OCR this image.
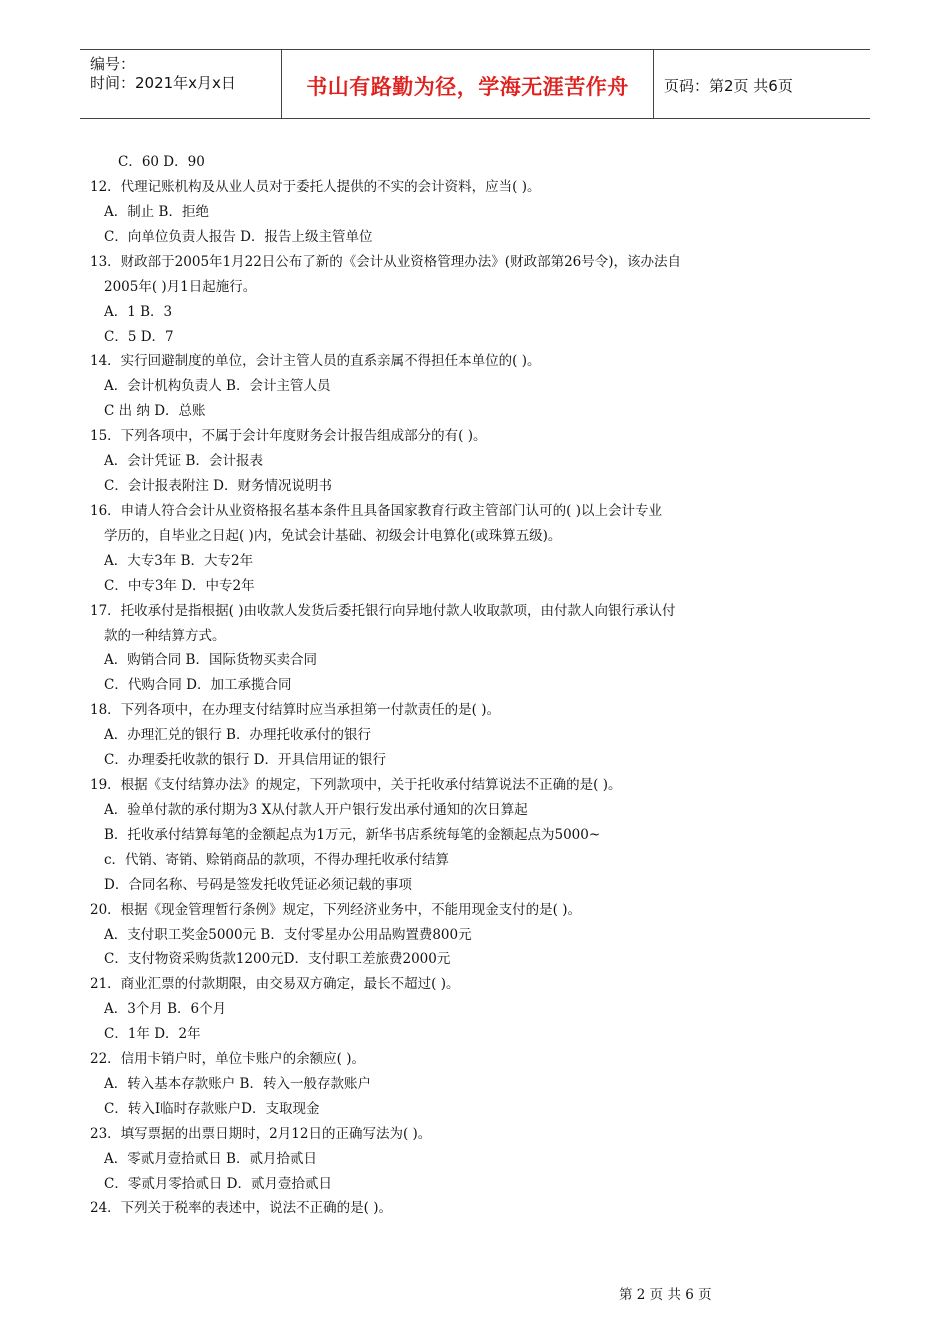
编号：
时间：2021年x月x日	书山有路勤为径，学海无涯苦作舟	页码：第2页 共6页
C．60 D．90
12．代理记账机构及从业人员对于委托人提供的不实的会计资料，应当( )。
A．制止 B．拒绝
C．向单位负责人报告 D．报告上级主管单位
13．财政部于2005年1月22日公布了新的《会计从业资格管理办法》(财政部第26号令)，该办法自
2005年( )月1日起施行。
A．1 B．3
C．5 D．7
14．实行回避制度的单位，会计主管人员的直系亲属不得担任本单位的( )。
A．会计机构负责人 B．会计主管人员
C 出 纳 D．总账
15．下列各项中，不属于会计年度财务会计报告组成部分的有( )。
A．会计凭证 B．会计报表
C．会计报表附注 D．财务情况说明书
16．申请人符合会计从业资格报名基本条件且具备国家教育行政主管部门认可的( )以上会计专业
学历的，自毕业之日起( )内，免试会计基础、初级会计电算化(或珠算五级)。
A．大专3年 B．大专2年
C．中专3年 D．中专2年
17．托收承付是指根据( )由收款人发货后委托银行向异地付款人收取款项，由付款人向银行承认付
款的一种结算方式。
A．购销合同 B．国际货物买卖合同
C．代购合同 D．加工承揽合同
18．下列各项中，在办理支付结算时应当承担第一付款责任的是( )。
A．办理汇兑的银行 B．办理托收承付的银行
C．办理委托收款的银行 D．开具信用证的银行
19．根据《支付结算办法》的规定，下列款项中，关于托收承付结算说法不正确的是( )。
A．验单付款的承付期为3 X从付款人开户银行发出承付通知的次日算起
B．托收承付结算每笔的金额起点为1万元，新华书店系统每笔的金额起点为5000~
c．代销、寄销、赊销商品的款项，不得办理托收承付结算
D．合同名称、号码是签发托收凭证必须记载的事项
20．根据《现金管理暂行条例》规定，下列经济业务中，不能用现金支付的是( )。
A．支付职工奖金5000元 B．支付零星办公用品购置费800元
C．支付物资采购货款1200元D．支付职工差旅费2000元
21．商业汇票的付款期限，由交易双方确定，最长不超过( )。
A．3个月 B．6个月
C．1年 D．2年
22．信用卡销户时，单位卡账户的余额应( )。
A．转入基本存款账户 B．转入一般存款账户
C．转入I临时存款账户D．支取现金
23．填写票据的出票日期时，2月12日的正确写法为( )。
A．零贰月壹拾贰日 B．贰月拾贰日
C．零贰月零拾贰日 D．贰月壹拾贰日
24．下列关于税率的表述中，说法不正确的是( )。
第 2 页 共 6 页
